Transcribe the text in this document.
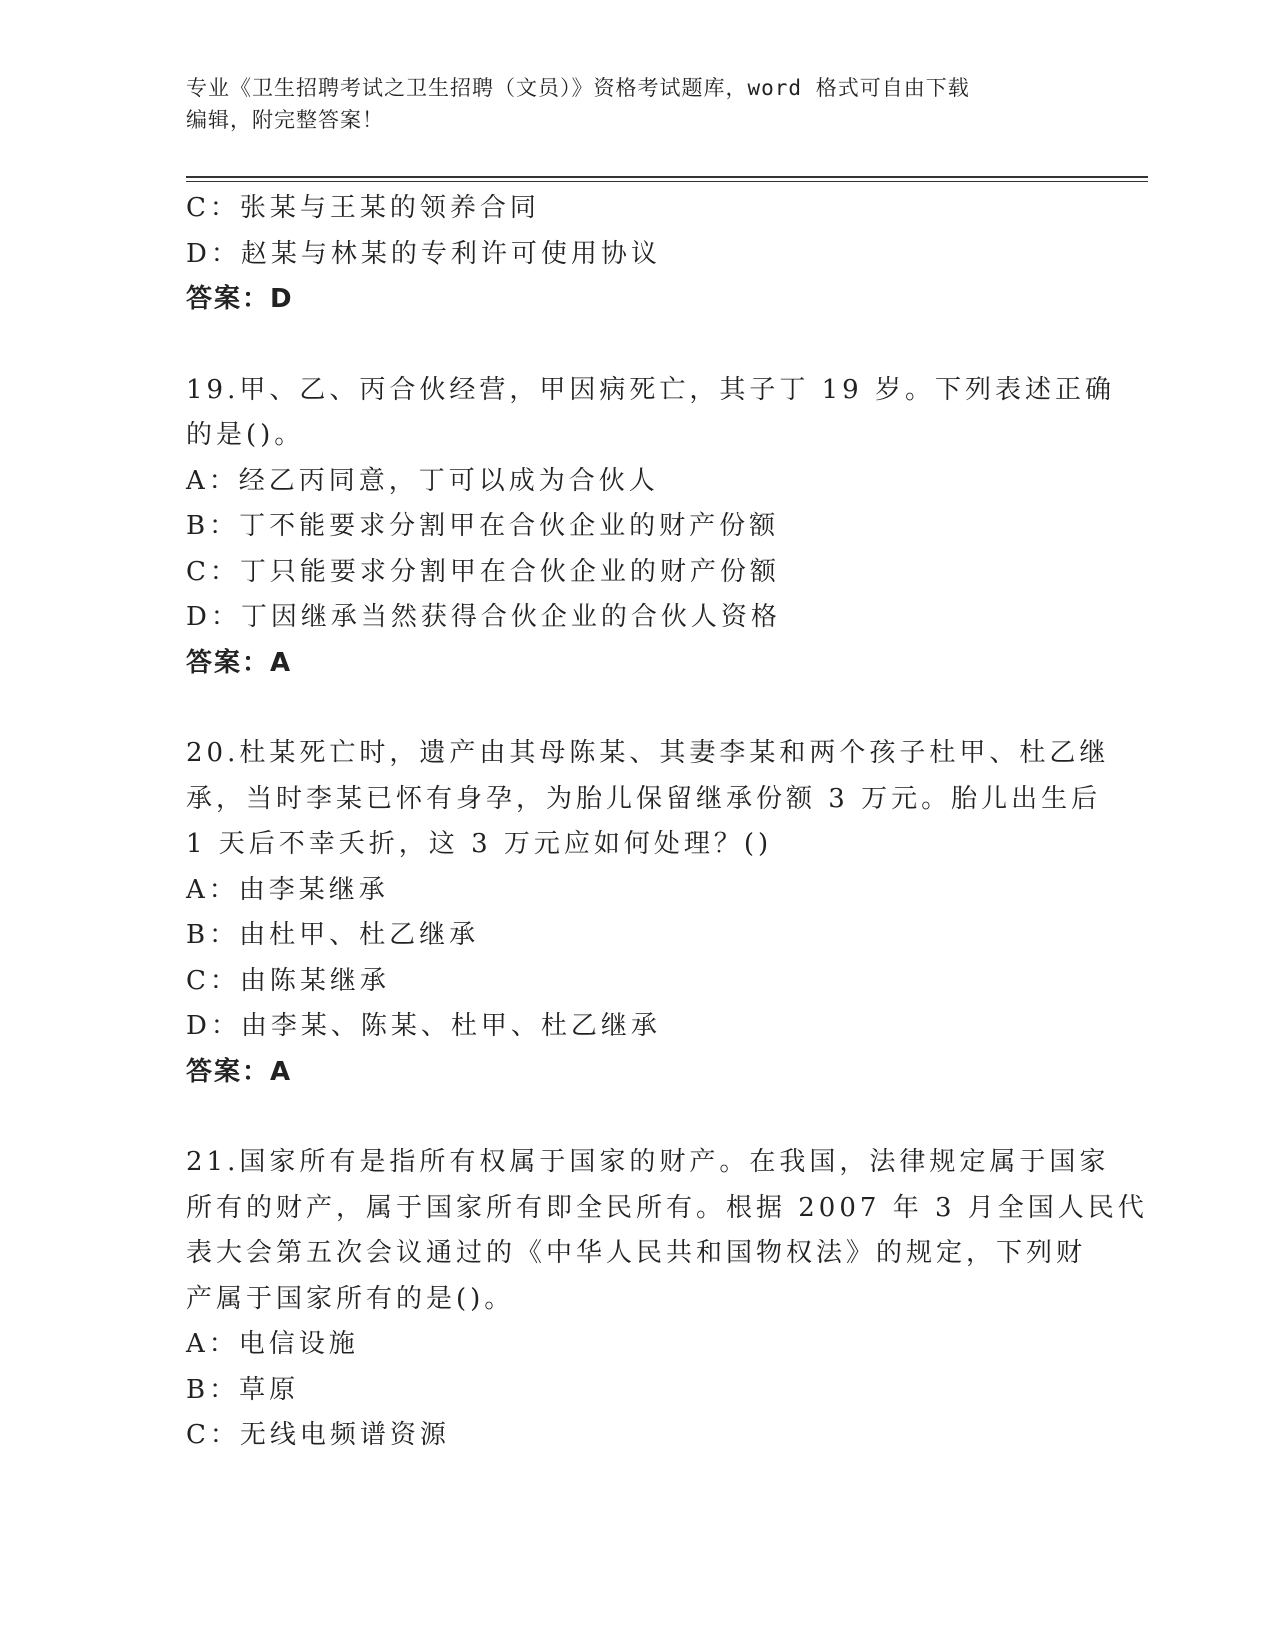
专业《卫生招聘考试之卫生招聘（文员）》资格考试题库，word 格式可自由下载
编辑，附完整答案！
C：张某与王某的领养合同
D：赵某与林某的专利许可使用协议
答案：D
19.甲、乙、丙合伙经营，甲因病死亡，其子丁 19 岁。下列表述正确
的是()。
A：经乙丙同意，丁可以成为合伙人
B：丁不能要求分割甲在合伙企业的财产份额
C：丁只能要求分割甲在合伙企业的财产份额
D：丁因继承当然获得合伙企业的合伙人资格
答案：A
20.杜某死亡时，遗产由其母陈某、其妻李某和两个孩子杜甲、杜乙继
承，当时李某已怀有身孕，为胎儿保留继承份额 3 万元。胎儿出生后
1 天后不幸夭折，这 3 万元应如何处理？()
A：由李某继承
B：由杜甲、杜乙继承
C：由陈某继承
D：由李某、陈某、杜甲、杜乙继承
答案：A
21.国家所有是指所有权属于国家的财产。在我国，法律规定属于国家
所有的财产，属于国家所有即全民所有。根据 2007 年 3 月全国人民代
表大会第五次会议通过的《中华人民共和国物权法》的规定，下列财
产属于国家所有的是()。
A：电信设施
B：草原
C：无线电频谱资源
